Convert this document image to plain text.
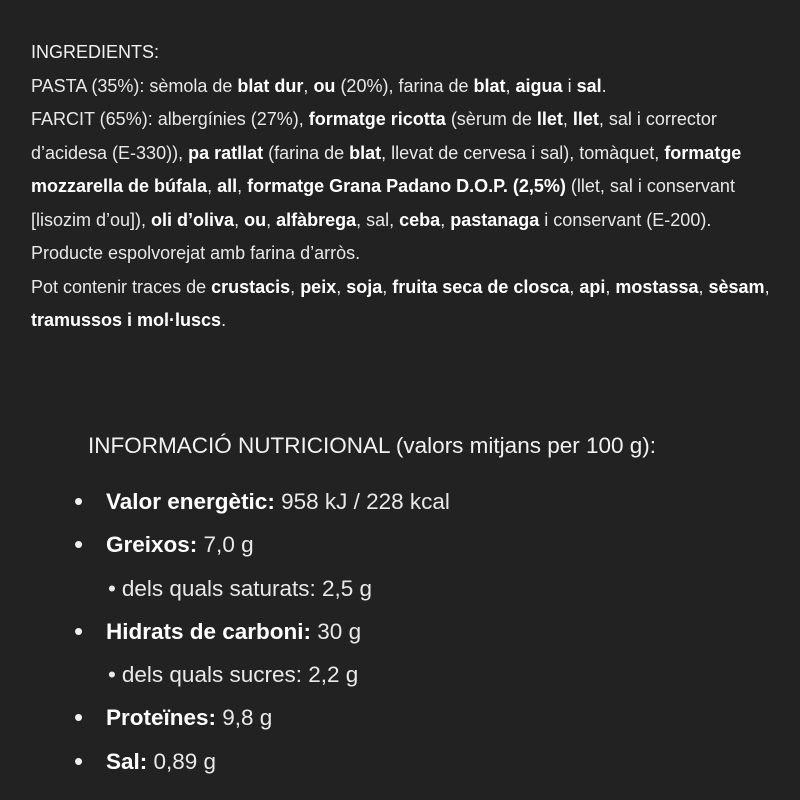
INGREDIENTS:

PASTA (35%): sèmola de blat dur, ou (20%), farina de blat, aigua i sal.

FARCIT (65%): albergínies (27%), formatge ricotta (sèrum de llet, llet, sal i corrector d’acidesa (E-330)), pa ratllat (farina de blat, llevat de cervesa i sal), tomàquet, formatge mozzarella de búfala, all, formatge Grana Padano D.O.P. (2,5%) (llet, sal i conservant [lisozim d’ou]), oli d’oliva, ou, alfàbrega, sal, ceba, pastanaga i conservant (E-200). Producte espolvorejat amb farina d’arròs.

Pot contenir traces de crustacis, peix, soja, fruita seca de closca, api, mostassa, sèsam, tramussos i mol·luscs.

INFORMACIÓ NUTRICIONAL (valors mitjans per 100 g):

• Valor energètic: 958 kJ / 228 kcal
• Greixos: 7,0 g
• dels quals saturats: 2,5 g
• Hidrats de carboni: 30 g
• dels quals sucres: 2,2 g
• Proteïnes: 9,8 g
• Sal: 0,89 g
